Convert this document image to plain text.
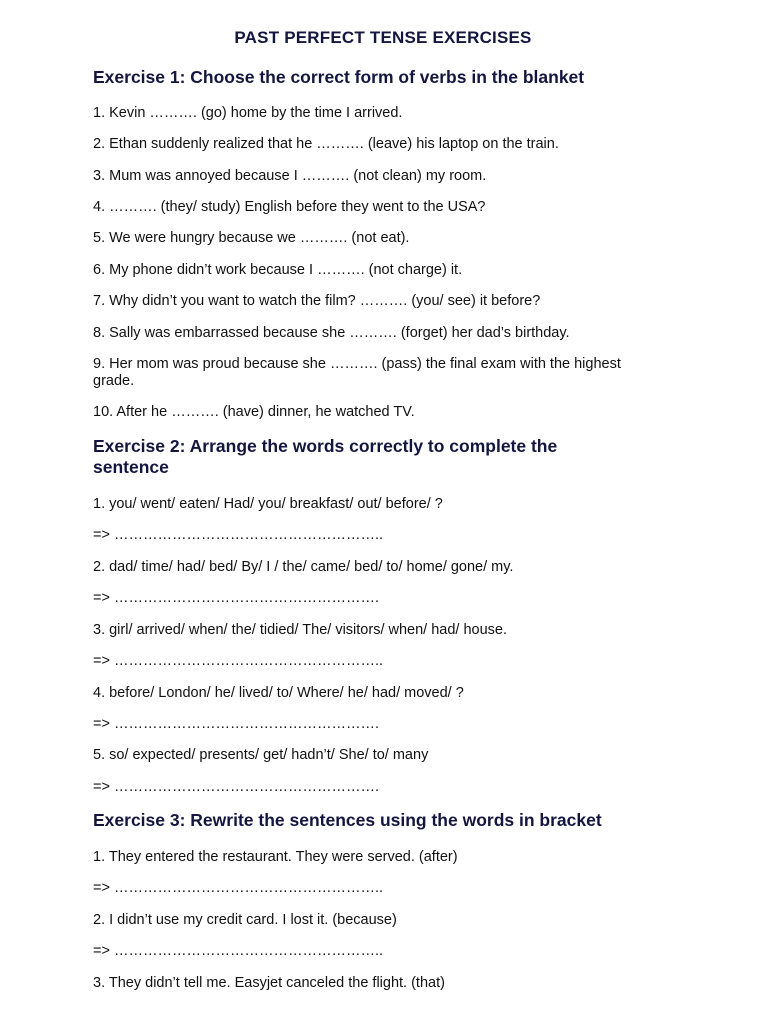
PAST PERFECT TENSE EXERCISES
Exercise 1: Choose the correct form of verbs in the blanket
1. Kevin ………. (go) home by the time I arrived.
2. Ethan suddenly realized that he ………. (leave) his laptop on the train.
3. Mum was annoyed because I ………. (not clean) my room.
4. ………. (they/ study) English before they went to the USA?
5. We were hungry because we ………. (not eat).
6. My phone didn’t work because I ………. (not charge) it.
7. Why didn’t you want to watch the film? ………. (you/ see) it before?
8. Sally was embarrassed because she ………. (forget) her dad’s birthday.
9. Her mom was proud because she ………. (pass) the final exam with the highest grade.
10. After he ………. (have) dinner, he watched TV.
Exercise 2: Arrange the words correctly to complete the sentence
1. you/ went/ eaten/ Had/ you/ breakfast/ out/ before/ ?
=> ………………………………………………..
2. dad/ time/ had/ bed/ By/ I / the/ came/ bed/ to/ home/ gone/ my.
=> ……………………………………………….
3. girl/ arrived/ when/ the/ tidied/ The/ visitors/ when/ had/ house.
=> ………………………………………………..
4. before/ London/ he/ lived/ to/ Where/ he/ had/ moved/ ?
=> ……………………………………………….
5. so/ expected/ presents/ get/ hadn’t/ She/ to/ many
=> ……………………………………………….
Exercise 3: Rewrite the sentences using the words in bracket
1. They entered the restaurant. They were served. (after)
=> ………………………………………………..
2. I didn’t use my credit card. I lost it. (because)
=> ………………………………………………..
3. They didn’t tell me. Easyjet canceled the flight. (that)
